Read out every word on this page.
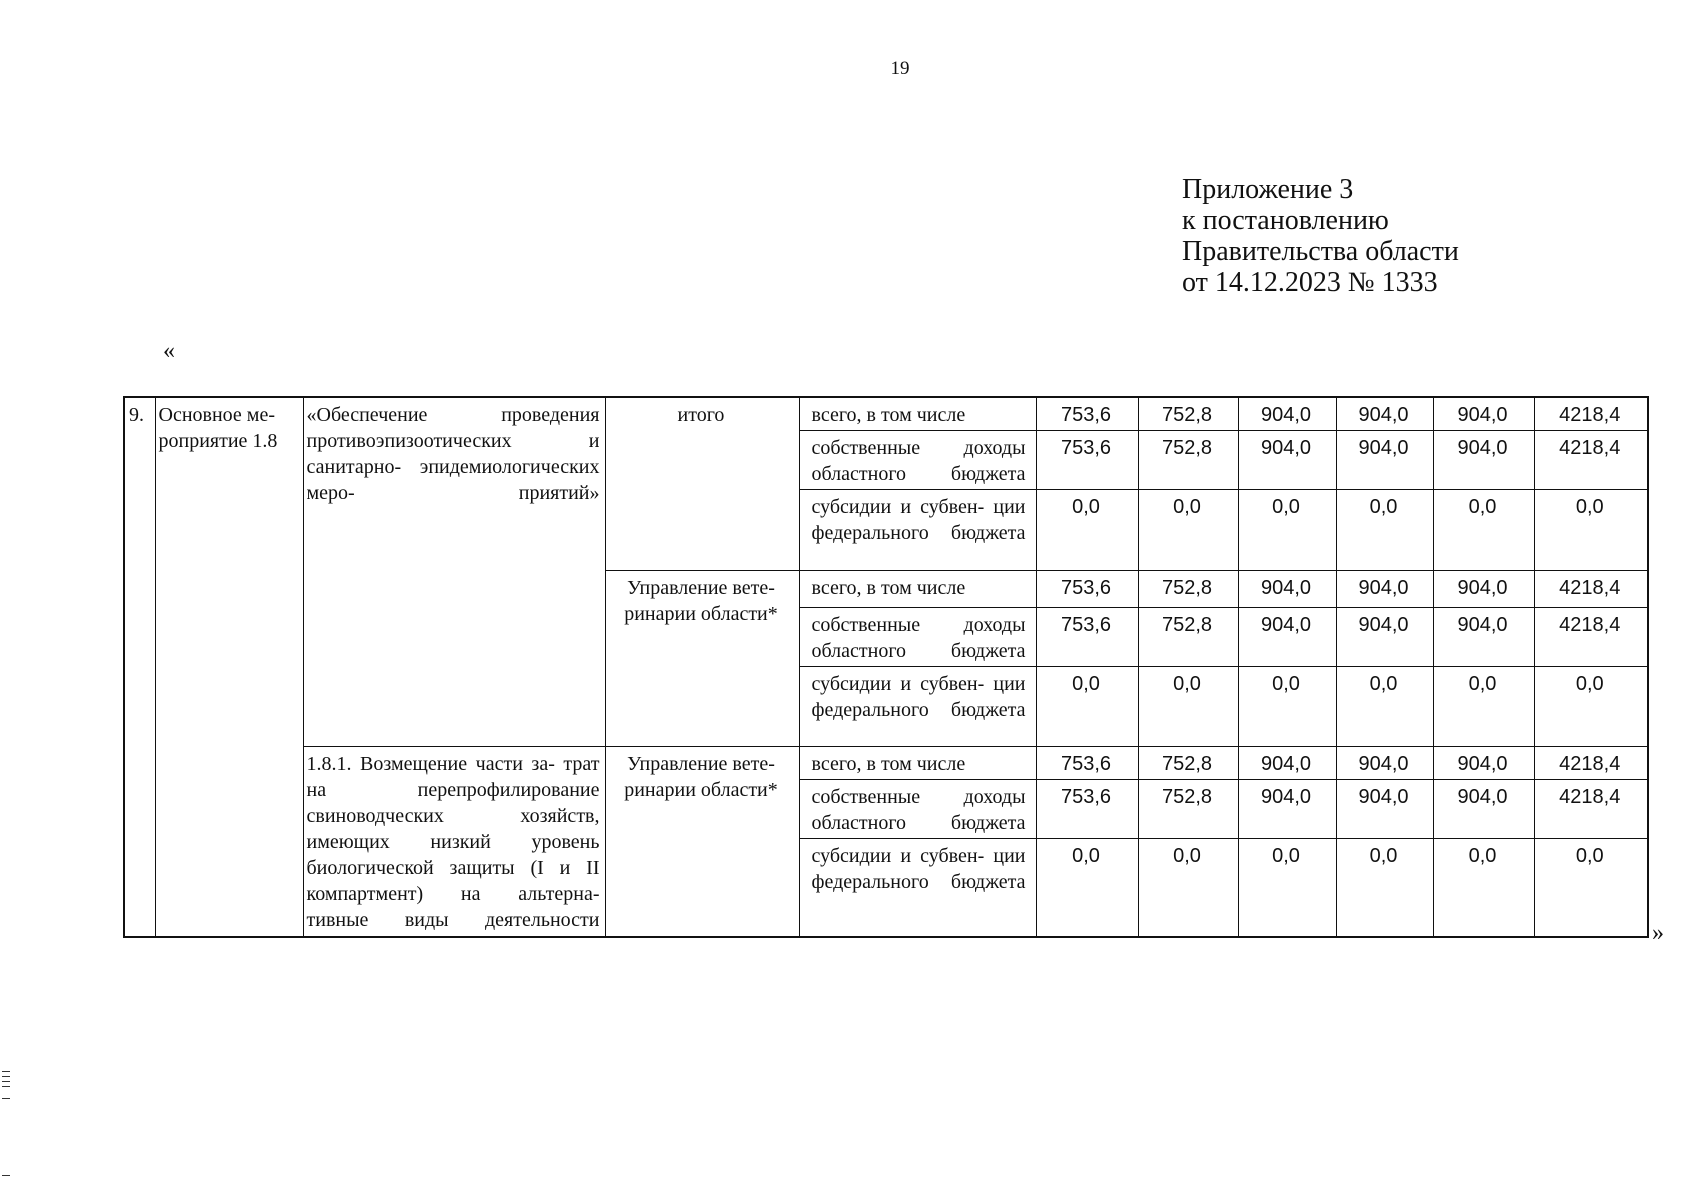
19
Приложение 3
к постановлению
Правительства области
от 14.12.2023 № 1333
«
9.	Основное ме- роприятие 1.8	«Обеспечение проведения противоэпизоотических и санитарно- эпидемиологических меро- приятий»	итого	всего, в том числе	753,6	752,8	904,0	904,0	904,0	4218,4
				собственные доходы областного бюджета	753,6	752,8	904,0	904,0	904,0	4218,4
				субсидии и субвен- ции федерального бюджета	0,0	0,0	0,0	0,0	0,0	0,0
			Управление вете- ринарии области*	всего, в том числе	753,6	752,8	904,0	904,0	904,0	4218,4
				собственные доходы областного бюджета	753,6	752,8	904,0	904,0	904,0	4218,4
				субсидии и субвен- ции федерального бюджета	0,0	0,0	0,0	0,0	0,0	0,0
		1.8.1. Возмещение части за- трат на перепрофилирование свиноводческих хозяйств, имеющих низкий уровень биологической защиты (I и II компартмент) на альтерна- тивные виды деятельности	Управление вете- ринарии области*	всего, в том числе	753,6	752,8	904,0	904,0	904,0	4218,4
				собственные доходы областного бюджета	753,6	752,8	904,0	904,0	904,0	4218,4
				субсидии и субвен- ции федерального бюджета	0,0	0,0	0,0	0,0	0,0	0,0
»
